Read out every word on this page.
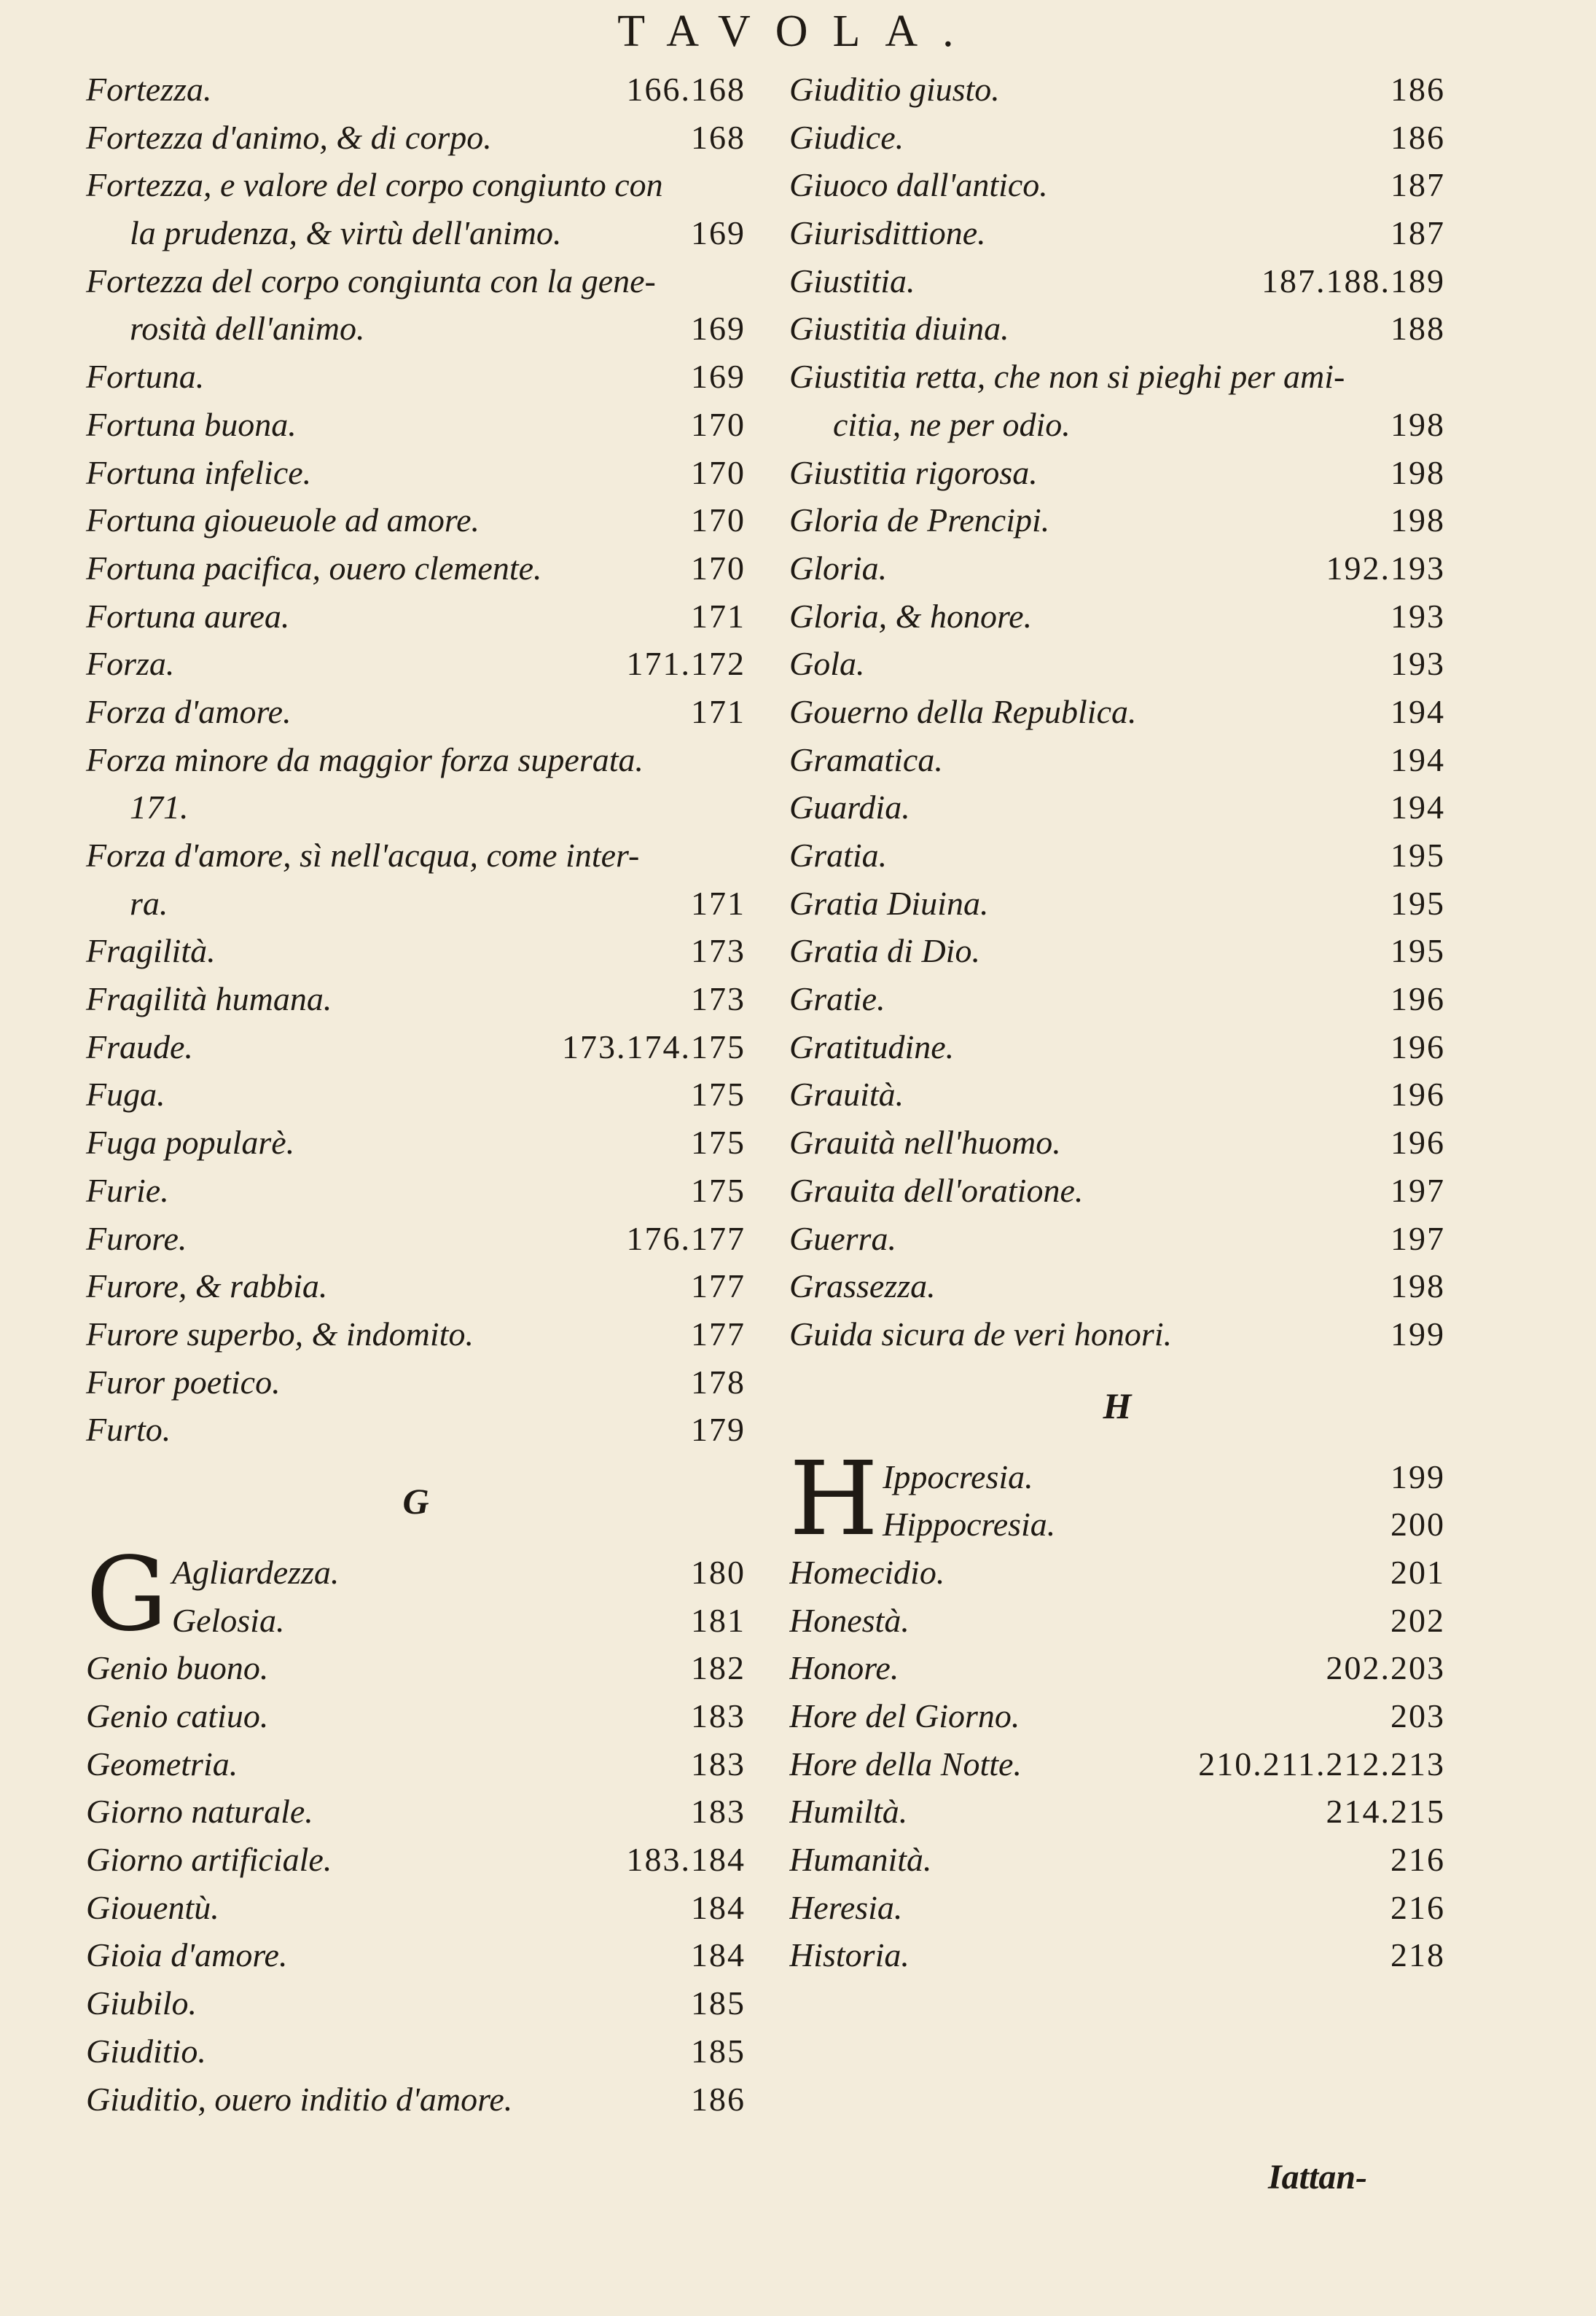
TAVOLA.
Fortezza.	166.168
Fortezza d'animo, & di corpo.	168
Fortezza, e valore del corpo congiunto con
la prudenza, & virtù dell'animo.	169
Fortezza del corpo congiunta con la gene-
rosità dell'animo.	169
Fortuna.	169
Fortuna buona.	170
Fortuna infelice.	170
Fortuna gioueuole ad amore.	170
Fortuna pacifica, ouero clemente.	170
Fortuna aurea.	171
Forza.	171.172
Forza d'amore.	171
Forza minore da maggior forza superata.
171.
Forza d'amore, sì nell'acqua, come inter-
ra.	171
Fragilità.	173
Fragilità humana.	173
Fraude.	173.174.175
Fuga.	175
Fuga popularè.	175
Furie.	175
Furore.	176.177
Furore, & rabbia.	177
Furore superbo, & indomito.	177
Furor poetico.	178
Furto.	179
G
G Agliardezza.	180
Gelosia.	181
Genio buono.	182
Genio catiuo.	183
Geometria.	183
Giorno naturale.	183
Giorno artificiale.	183.184
Giouentù.	184
Gioia d'amore.	184
Giubilo.	185
Giuditio.	185
Giuditio, ouero inditio d'amore.	186
Giuditio giusto.	186
Giudice.	186
Giuoco dall'antico.	187
Giurisdittione.	187
Giustitia.	187.188.189
Giustitia diuina.	188
Giustitia retta, che non si pieghi per ami-
citia, ne per odio.	198
Giustitia rigorosa.	198
Gloria de Prencipi.	198
Gloria.	192.193
Gloria, & honore.	193
Gola.	193
Gouerno della Republica.	194
Gramatica.	194
Guardia.	194
Gratia.	195
Gratia Diuina.	195
Gratia di Dio.	195
Gratie.	196
Gratitudine.	196
Grauità.	196
Grauità nell'huomo.	196
Grauita dell'oratione.	197
Guerra.	197
Grassezza.	198
Guida sicura de veri honori.	199
H
H Ippocresia.	199
Hippocresia.	200
Homecidio.	201
Honestà.	202
Honore.	202.203
Hore del Giorno.	203
Hore della Notte.	210.211.212.213
Humiltà.	214.215
Humanità.	216
Heresia.	216
Historia.	218
Iattan-
